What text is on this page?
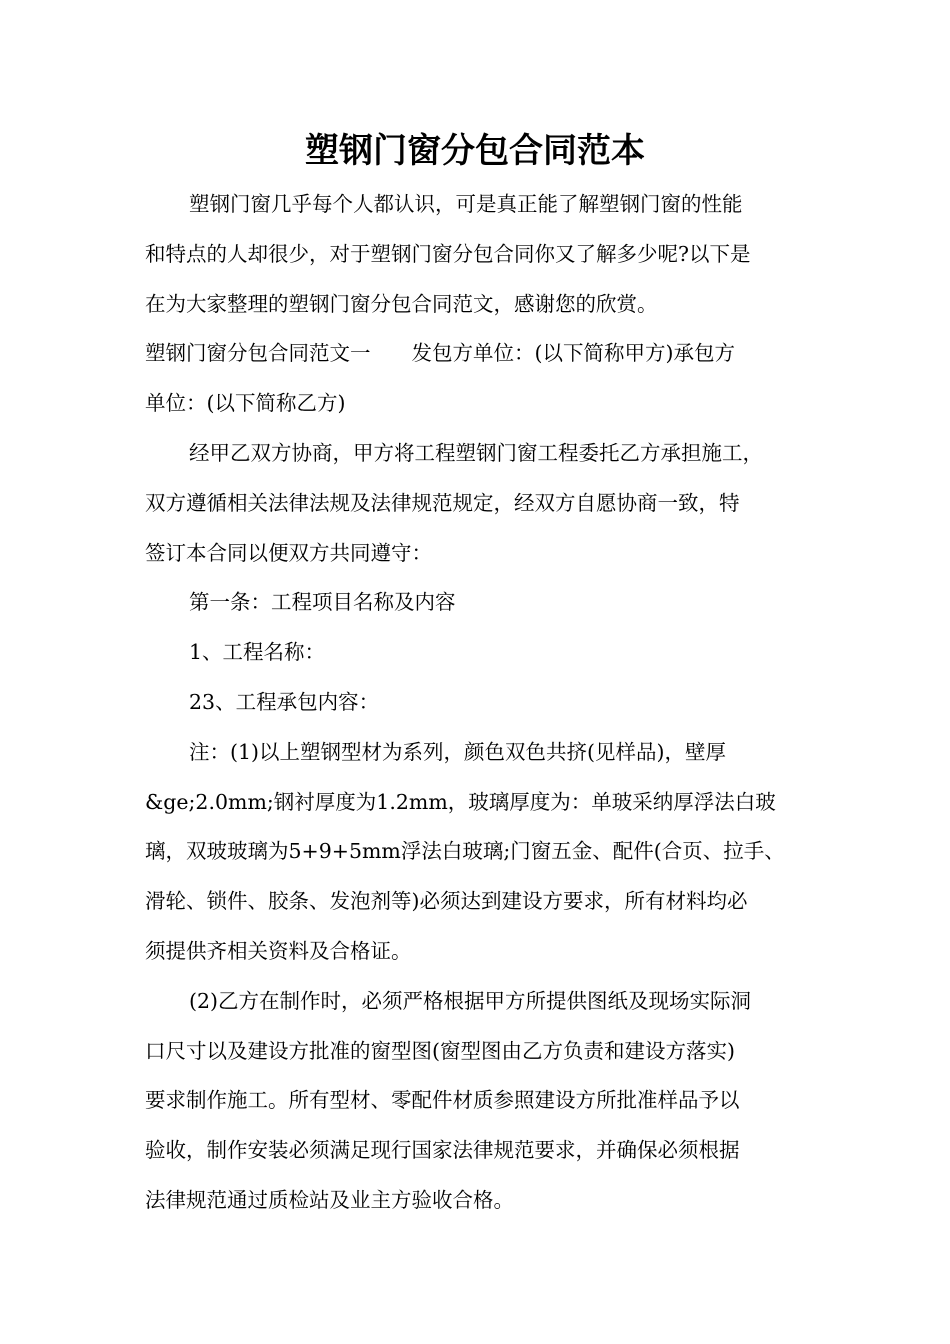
塑钢门窗分包合同范本
塑钢门窗几乎每个人都认识，可是真正能了解塑钢门窗的性能
和特点的人却很少，对于塑钢门窗分包合同你又了解多少呢?以下是
在为大家整理的塑钢门窗分包合同范文，感谢您的欣赏。
塑钢门窗分包合同范文一　　发包方单位：(以下简称甲方)承包方
单位：(以下简称乙方)
经甲乙双方协商，甲方将工程塑钢门窗工程委托乙方承担施工，
双方遵循相关法律法规及法律规范规定，经双方自愿协商一致，特
签订本合同以便双方共同遵守：
第一条：工程项目名称及内容
1、工程名称：
23、工程承包内容：
注：(1)以上塑钢型材为系列，颜色双色共挤(见样品)，壁厚
&ge;2.0mm;钢衬厚度为1.2mm，玻璃厚度为：单玻采纳厚浮法白玻
璃，双玻玻璃为5+9+5mm浮法白玻璃;门窗五金、配件(合页、拉手、
滑轮、锁件、胶条、发泡剂等)必须达到建设方要求，所有材料均必
须提供齐相关资料及合格证。
(2)乙方在制作时，必须严格根据甲方所提供图纸及现场实际洞
口尺寸以及建设方批准的窗型图(窗型图由乙方负责和建设方落实)
要求制作施工。所有型材、零配件材质参照建设方所批准样品予以
验收，制作安装必须满足现行国家法律规范要求，并确保必须根据
法律规范通过质检站及业主方验收合格。
